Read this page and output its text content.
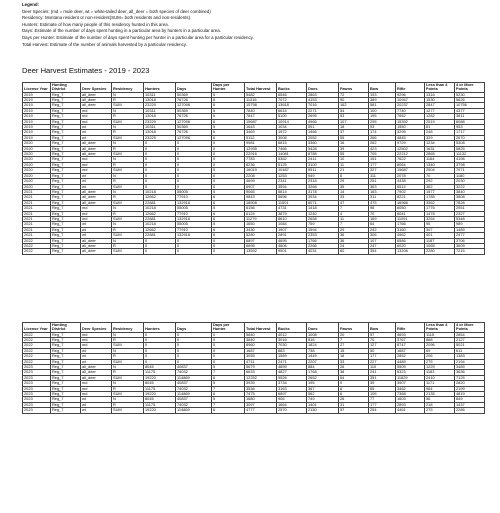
Legend:
Deer Species: (md = mule deer, wt = white-tailed deer, all_deer = both species of deer combined)
Residency: Montana resident or non-resident(SUM= both residents and non-residents).
Hunters: Estimate of how many people of this residency hunted in this area.
Days: Estimate of the number of days spent hunting in a particular area by hunters in a particular area.
Days per Hunter: Estimate of the number of days spent hunting per hunter in a particular area for a particular residency.
Total Harvest: Estimate of the number of animals harvested by a particular residency.
Deer Harvest Estimates - 2019 - 2023
License Year	Hunting District	Deer Species	Residency	Hunters	Days	Days per Hunter	Total Harvest	Bucks	Does	Fawns	Bow	Rifle	Less than 4 Points	4 or More Points
2019	Reg_7	all_deer	N	10311	50369	5	5482	6546	2863	72	193	9296	1316	5230
2019	Reg_7	all_deer	R	13018	76726	6	11316	7072	4153	90	389	10947	1530	5626
2019	Reg_7	all_deer	SUM	23229	127096	6	15798	13618	7016	162	581	20237	2847	10756
2019	Reg_7	md	N	10311	50369	5	7840	6614	2271	54	100	7740	1277	4377
2019	Reg_7	md	R	13018	76726	6	7847	5100	2695	53	195	7652	1282	3811
2019	Reg_7	md	SUM	23229	127096	6	15687	10914	4966	107	295	15392	2519	8088
2019	Reg_7	wt	N	10311	50369	5	1643	1034	591	18	93	1550	81	953
2019	Reg_7	wt	R	13018	76726	6	3469	1972	1466	37	174	3295	248	1717
2019	Reg_7	wt	SUM	23229	127096	6	5112	3006	2052	55	266	4845	329	2670
2020	Reg_7	all_deer	N	0	0	0	9981	6815	3360	16	262	9729	1234	5308
2020	Reg_7	all_deer	R	0	0	0	12935	7466	5428	39	423	12502	1631	5825
2020	Reg_7	all_deer	SUM	0	0	0	22916	14081	8788	55	705	22212	2865	11132
2020	Reg_7	md	N	0	0	0	7783	5362	2411	10	151	7622	1164	4198
2020	Reg_7	md	R	0	0	0	8236	5125	3100	11	177	8064	1340	3798
2020	Reg_7	md	SUM	0	0	0	16019	10487	5511	21	327	15687	2504	7971
2020	Reg_7	wt	N	0	0	0	2208	1253	949	6	111	2078	70	1180
2020	Reg_7	wt	R	0	0	0	4699	2341	2318	29	251	4438	292	2030
2020	Reg_7	wt	SUM	0	0	0	6907	3594	3268	35	363	6514	362	3222
2021	Reg_7	all_deer	N	10218	55005	5	9065	5814	3178	14	163	7902	1577	3840
2021	Reg_7	all_deer	R	12662	77910	6	9843	5696	3934	33	311	8221	1785	3808
2021	Reg_7	all_deer	SUM	22881	132916	6	18908	11501	6071	47	475	16966	3362	7828
2021	Reg_7	md	N	10218	55005	5	6156	4731	1418	7	98	6050	1776	2951
2021	Reg_7	md	R	12662	77910	6	6124	3879	1240	4	70	6041	1478	2327
2021	Reg_7	md	SUM	22881	132916	6	11279	8610	2658	11	169	11091	3254	5348
2021	Reg_7	wt	N	10218	55005	5	1650	1084	759	7	64	1766	95	989
2021	Reg_7	wt	R	12662	77910	6	3430	1907	1594	29	242	3160	307	1489
2021	Reg_7	wt	SUM	22881	132916	6	5280	2891	2353	36	306	4962	401	2477
2022	Reg_7	all_deer	N	0	0	0	6897	4695	1766	36	107	6586	1187	3706
2022	Reg_7	all_deer	R	0	0	0	6695	4606	2266	24	247	6020	1065	3609
2022	Reg_7	all_deer	SUM	0	0	0	13592	9501	4031	60	354	13206	2280	7215
License Year	Hunting District	Deer Species	Residency	Hunters	Days	Days per Hunter	Total Harvest	Bucks	Does	Fawns	Bow	Rifle	Less than 4 Points	4 or More Points
2022	Reg_7	md	N	0	0	0	5640	4012	1008	20	57	4693	1115	2854
2022	Reg_7	md	R	0	0	0	3840	3016	816	7	70	3767	868	2127
2022	Reg_7	md	SUM	0	0	0	8960	7030	1824	27	127	8747	2096	5021
2022	Reg_7	wt	N	0	0	0	1687	883	738	15	50	1687	69	611
2022	Reg_7	wt	R	0	0	0	3055	1589	1449	18	177	2852	206	1383
2022	Reg_7	wt	SUM	0	0	0	4711	2471	2207	33	227	4489	275	2194
2023	Reg_7	all_deer	N	8045	40837	5	5679	4899	884	26	110	5509	1229	3489
2023	Reg_7	all_deer	R	11175	74032	7	6633	4827	1768	38	241	6323	1183	3636
2023	Reg_7	all_deer	SUM	19220	114869	6	12252	9526	2652	64	351	11829	2410	7125
2023	Reg_7	md	N	8045	40837	5	3939	3734	195	0	39	3907	1171	2820
2023	Reg_7	md	R	11175	74032	7	3536	3163	367	6	65	3462	964	2199
2023	Reg_7	md	SUM	19220	114869	6	7475	6897	562	6	105	7368	2135	4819
2023	Reg_7	wt	N	8045	40837	5	1680	906	749	26	77	1603	56	849
2023	Reg_7	wt	R	11175	74032	7	3097	1664	1401	31	177	2893	218	1437
2023	Reg_7	wt	SUM	19220	114869	6	4777	2570	2150	57	254	4461	275	2286
